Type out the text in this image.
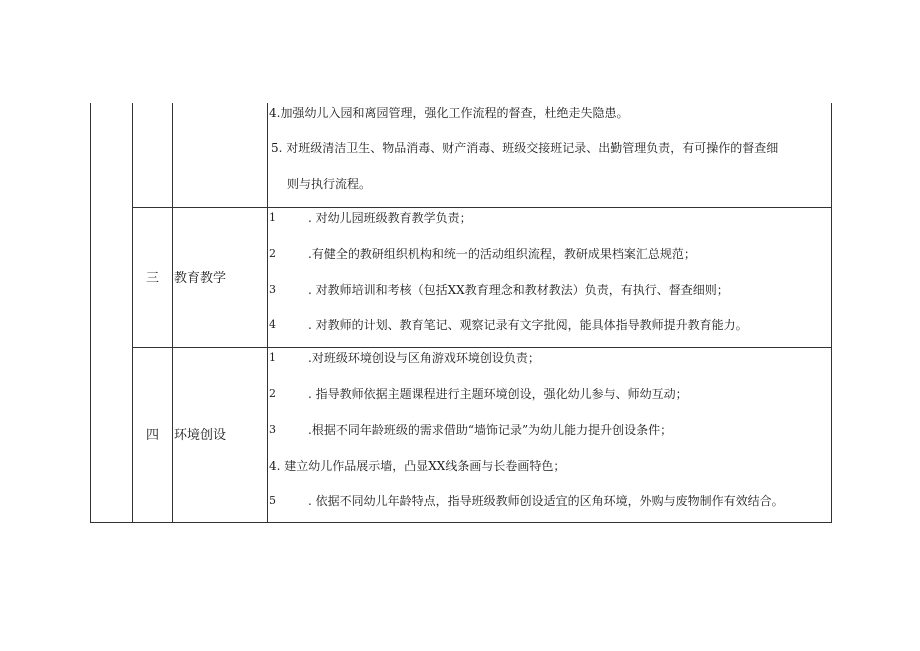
4.加强幼儿入园和离园管理，强化工作流程的督查，杜绝走失隐患。
5. 对班级清洁卫生、物品消毒、财产消毒、班级交接班记录、出勤管理负责，有可操作的督查细
则与执行流程。
三 教育教学
1	. 对幼儿园班级教育教学负责；
2	.有健全的教研组织机构和统一的活动组织流程，教研成果档案汇总规范；
3	. 对教师培训和考核（包括XX教育理念和教材教法）负责，有执行、督查细则；
4	. 对教师的计划、教育笔记、观察记录有文字批阅，能具体指导教师提升教育能力。
四 环境创设
1	.对班级环境创设与区角游戏环境创设负责；
2	. 指导教师依据主题课程进行主题环境创设，强化幼儿参与、师幼互动；
3	.根据不同年龄班级的需求借助“墙饰记录”为幼儿能力提升创设条件；
4. 建立幼儿作品展示墙，凸显XX线条画与长卷画特色；
5	. 依据不同幼儿年龄特点，指导班级教师创设适宜的区角环境，外购与废物制作有效结合。
